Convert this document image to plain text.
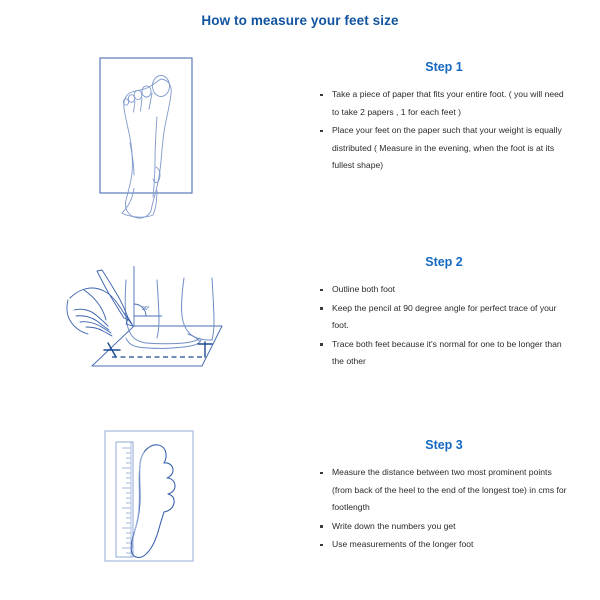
How to measure your feet size
Step 1
Take a piece of paper that fits your entire foot. ( you will need to take 2 papers , 1 for each feet )
Place your feet on the paper such that your weight is equally distributed ( Measure in the evening, when the foot is at its fullest shape)
90°
Step 2
Outline both foot
Keep the pencil at 90 degree angle for perfect trace of your foot.
Trace both feet because it's normal for one to be longer than the other
Step 3
Measure the distance between two most prominent points (from back of the heel to the end of the longest toe) in cms for footlength
Write down the numbers you get
Use measurements of the longer foot
